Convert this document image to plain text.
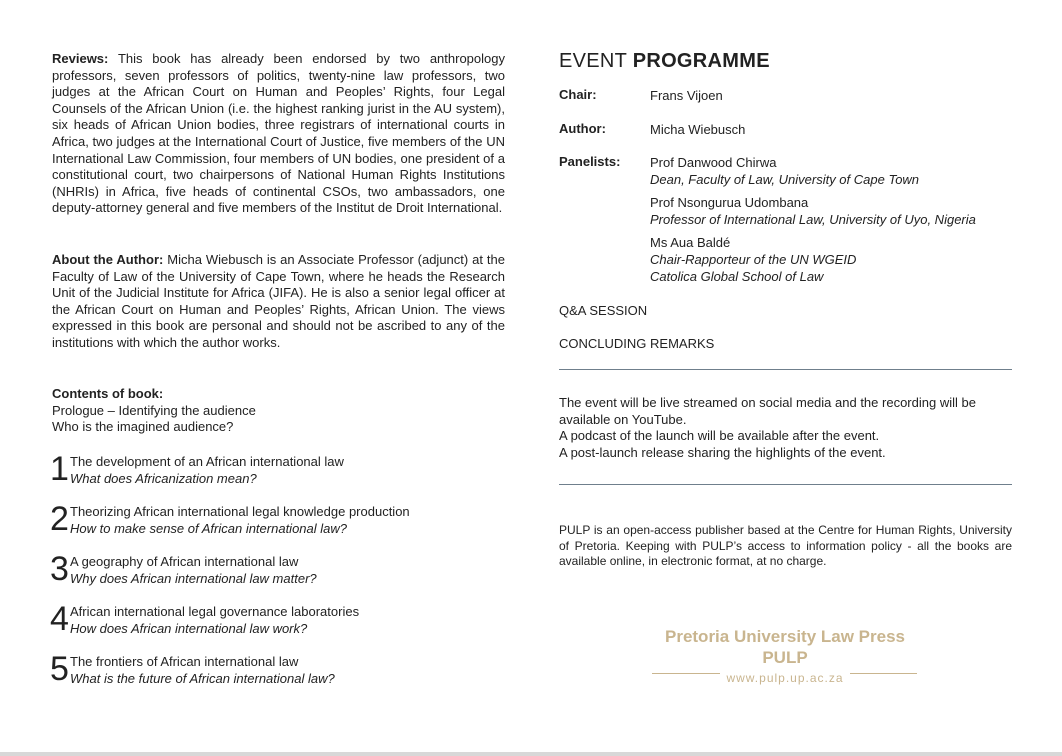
Reviews: This book has already been endorsed by two anthropology professors, seven professors of politics, twenty-nine law professors, two judges at the African Court on Human and Peoples’ Rights, four Legal Counsels of the African Union (i.e. the highest ranking jurist in the AU system), six heads of African Union bodies, three registrars of international courts in Africa, two judges at the International Court of Justice, five members of the UN International Law Commission, four members of UN bodies, one president of a constitutional court, two chairpersons of National Human Rights Institutions (NHRIs) in Africa, five heads of continental CSOs, two ambassadors, one deputy-attorney general and five members of the Institut de Droit International.
About the Author: Micha Wiebusch is an Associate Professor (adjunct) at the Faculty of Law of the University of Cape Town, where he heads the Research Unit of the Judicial Institute for Africa (JIFA). He is also a senior legal officer at the African Court on Human and Peoples’ Rights, African Union. The views expressed in this book are personal and should not be ascribed to any of the institutions with which the author works.
Contents of book:
Prologue – Identifying the audience
Who is the imagined audience?
1 The development of an African international law
What does Africanization mean?
2 Theorizing African international legal knowledge production
How to make sense of African international law?
3 A geography of African international law
Why does African international law matter?
4 African international legal governance laboratories
How does African international law work?
5 The frontiers of African international law
What is the future of African international law?
EVENT PROGRAMME
Chair:	Frans Vijoen
Author:	Micha Wiebusch
Panelists: Prof Danwood Chirwa
Dean, Faculty of Law, University of Cape Town
Prof Nsongurua Udombana
Professor of International Law, University of Uyo, Nigeria
Ms Aua Baldé
Chair-Rapporteur of the UN WGEID
Catolica Global School of Law
Q&A SESSION
CONCLUDING REMARKS
The event will be live streamed on social media and the recording will be available on YouTube.
A podcast of the launch will be available after the event.
A post-launch release sharing the highlights of the event.
PULP is an open-access publisher based at the Centre for Human Rights, University of Pretoria. Keeping with PULP’s access to information policy - all the books are available online, in electronic format, at no charge.
Pretoria University Law Press
PULP
www.pulp.up.ac.za
